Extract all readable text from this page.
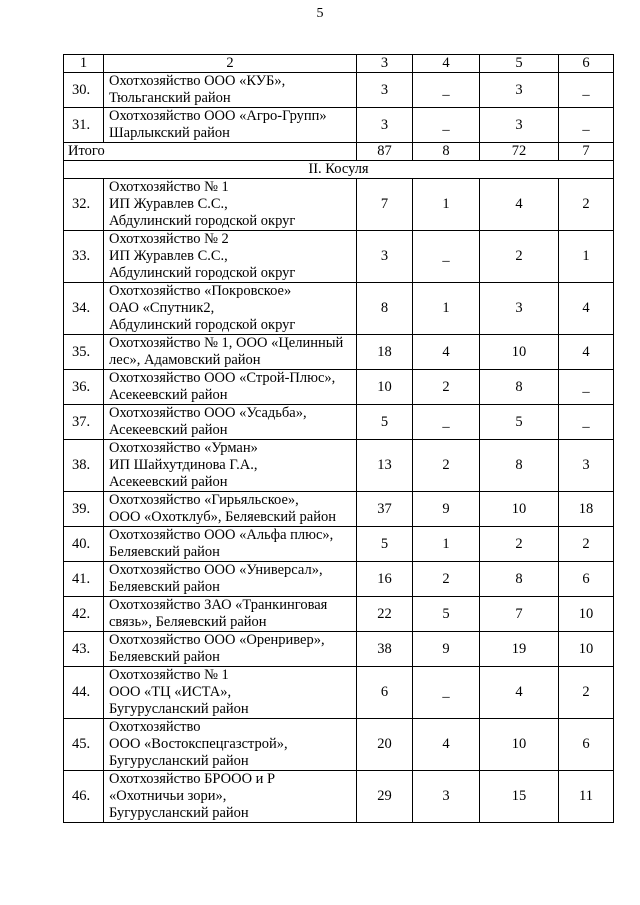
5
1	2	3	4	5	6
30.	Охотхозяйство ООО «КУБ»,
Тюльганский район	3	_	3	_
31.	Охотхозяйство ООО «Агро-Групп»
Шарлыкский район	3	_	3	_
Итого		87	8	72	7
II. Косуля					
32.	Охотхозяйство № 1
ИП Журавлев С.С.,
Абдулинский городской округ	7	1	4	2
33.	Охотхозяйство № 2
ИП Журавлев С.С.,
Абдулинский городской округ	3	_	2	1
34.	Охотхозяйство «Покровское»
ОАО «Спутник2,
Абдулинский городской округ	8	1	3	4
35.	Охотхозяйство № 1, ООО «Целинный
лес», Адамовский район	18	4	10	4
36.	Охотхозяйство ООО «Строй-Плюс»,
Асекеевский район	10	2	8	_
37.	Охотхозяйство ООО «Усадьба»,
Асекеевский район	5	_	5	_
38.	Охотхозяйство «Урман»
ИП Шайхутдинова Г.А.,
Асекеевский район	13	2	8	3
39.	Охотхозяйство «Гирьяльское»,
ООО «Охотклуб», Беляевский район	37	9	10	18
40.	Охотхозяйство ООО «Альфа плюс»,
Беляевский район	5	1	2	2
41.	Охотхозяйство ООО «Универсал»,
Беляевский район	16	2	8	6
42.	Охотхозяйство ЗАО «Транкинговая
связь», Беляевский район	22	5	7	10
43.	Охотхозяйство ООО «Оренривер»,
Беляевский район	38	9	19	10
44.	Охотхозяйство № 1
ООО «ТЦ «ИСТА»,
Бугурусланский район	6	_	4	2
45.	Охотхозяйство
ООО «Востокспецгазстрой»,
Бугурусланский район	20	4	10	6
46.	Охотхозяйство БРООО и Р
«Охотничьи зори»,
Бугурусланский район	29	3	15	11
